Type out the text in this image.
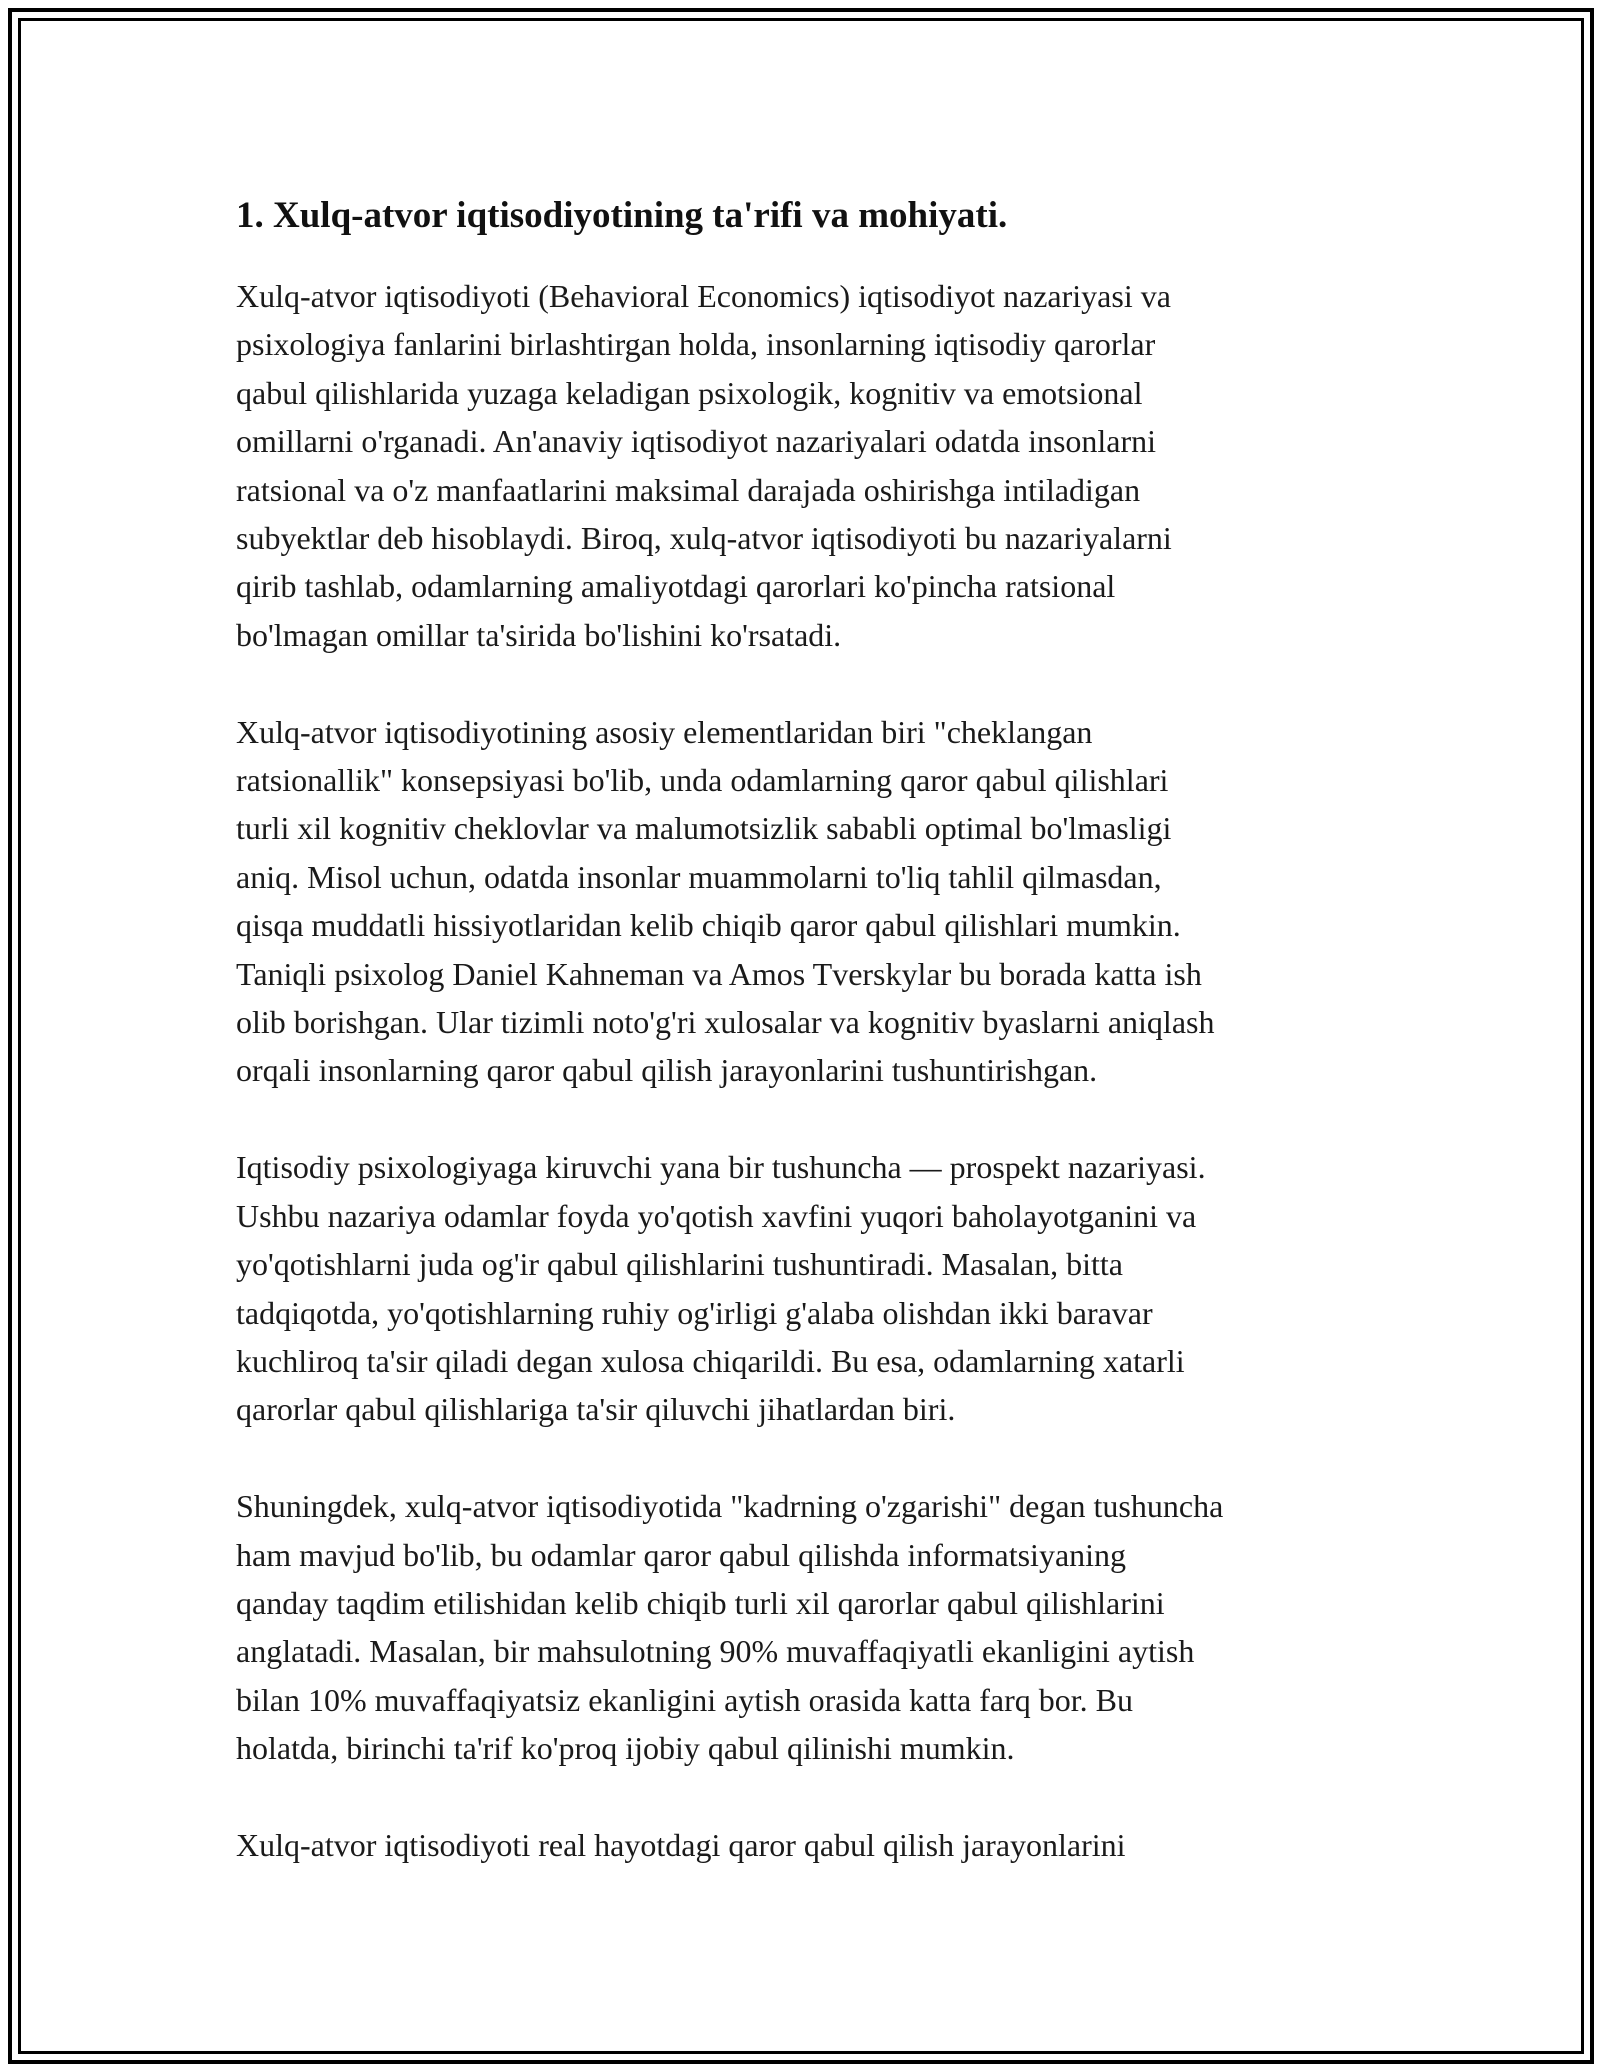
1. Xulq-atvor iqtisodiyotining ta'rifi va mohiyati.

Xulq-atvor iqtisodiyoti (Behavioral Economics) iqtisodiyot nazariyasi va
psixologiya fanlarini birlashtirgan holda, insonlarning iqtisodiy qarorlar
qabul qilishlarida yuzaga keladigan psixologik, kognitiv va emotsional
omillarni o'rganadi. An'anaviy iqtisodiyot nazariyalari odatda insonlarni
ratsional va o'z manfaatlarini maksimal darajada oshirishga intiladigan
subyektlar deb hisoblaydi. Biroq, xulq-atvor iqtisodiyoti bu nazariyalarni
qirib tashlab, odamlarning amaliyotdagi qarorlari ko'pincha ratsional
bo'lmagan omillar ta'sirida bo'lishini ko'rsatadi.

Xulq-atvor iqtisodiyotining asosiy elementlaridan biri "cheklangan
ratsionallik" konsepsiyasi bo'lib, unda odamlarning qaror qabul qilishlari
turli xil kognitiv cheklovlar va malumotsizlik sababli optimal bo'lmasligi
aniq. Misol uchun, odatda insonlar muammolarni to'liq tahlil qilmasdan,
qisqa muddatli hissiyotlaridan kelib chiqib qaror qabul qilishlari mumkin.
Taniqli psixolog Daniel Kahneman va Amos Tverskylar bu borada katta ish
olib borishgan. Ular tizimli noto'g'ri xulosalar va kognitiv byaslarni aniqlash
orqali insonlarning qaror qabul qilish jarayonlarini tushuntirishgan.

Iqtisodiy psixologiyaga kiruvchi yana bir tushuncha — prospekt nazariyasi.
Ushbu nazariya odamlar foyda yo'qotish xavfini yuqori baholayotganini va
yo'qotishlarni juda og'ir qabul qilishlarini tushuntiradi. Masalan, bitta
tadqiqotda, yo'qotishlarning ruhiy og'irligi g'alaba olishdan ikki baravar
kuchliroq ta'sir qiladi degan xulosa chiqarildi. Bu esa, odamlarning xatarli
qarorlar qabul qilishlariga ta'sir qiluvchi jihatlardan biri.

Shuningdek, xulq-atvor iqtisodiyotida "kadrning o'zgarishi" degan tushuncha
ham mavjud bo'lib, bu odamlar qaror qabul qilishda informatsiyaning
qanday taqdim etilishidan kelib chiqib turli xil qarorlar qabul qilishlarini
anglatadi. Masalan, bir mahsulotning 90% muvaffaqiyatli ekanligini aytish
bilan 10% muvaffaqiyatsiz ekanligini aytish orasida katta farq bor. Bu
holatda, birinchi ta'rif ko'proq ijobiy qabul qilinishi mumkin.

Xulq-atvor iqtisodiyoti real hayotdagi qaror qabul qilish jarayonlarini
